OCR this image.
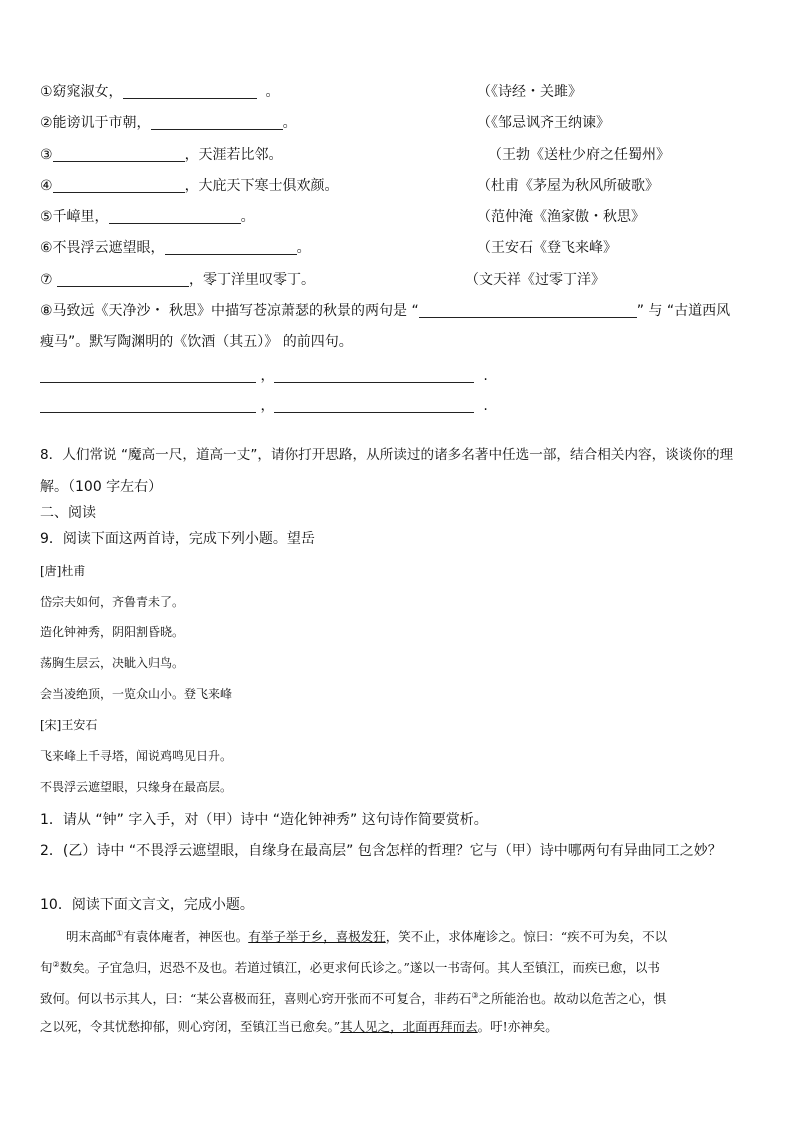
①窈窕淑女，	。	（《诗经・关雎》
②能谤讥于市朝，	。	（《邹忌讽齐王纳谏》
③	，天涯若比邻。	（王勃《送杜少府之任蜀州》
④	，大庇天下寒士俱欢颜。	（杜甫《茅屋为秋风所破歌》
⑤千嶂里，	。	（范仲淹《渔家傲・秋思》
⑥不畏浮云遮望眼，	。	（王安石《登飞来峰》
⑦	，零丁洋里叹零丁。	（文天祥《过零丁洋》
⑧马致远《天净沙・ 秋思》中描写苍凉萧瑟的秋景的两句是 “	” 与 “古道西风
瘦马”。默写陶渊明的《饮酒（其五）》 的前四句。
，	.
，	.
8．人们常说 “魔高一尺，道高一丈”，请你打开思路，从所读过的诸多名著中任选一部，结合相关内容，谈谈你的理
解。（100 字左右）
二、阅读
9．阅读下面这两首诗，完成下列小题。望岳
[唐]杜甫
岱宗夫如何，齐鲁青未了。
造化钟神秀，阴阳割昏晓。
荡胸生层云，决眦入归鸟。
会当凌绝顶，一览众山小。登飞来峰
[宋]王安石
飞来峰上千寻塔，闻说鸡鸣见日升。
不畏浮云遮望眼，只缘身在最高层。
1．请从 “钟” 字入手，对（甲）诗中 “造化钟神秀” 这句诗作简要赏析。
2．(乙）诗中 “不畏浮云遮望眼，自缘身在最高层” 包含怎样的哲理？它与（甲）诗中哪两句有异曲同工之妙？
10．阅读下面文言文，完成小题。
明末高邮①有袁体庵者，神医也。有举子举于乡，喜极发狂，笑不止，求体庵诊之。惊曰：“疾不可为矣，不以
旬②数矣。子宜急归，迟恐不及也。若道过镇江，必更求何氏诊之。”遂以一书寄何。其人至镇江，而疾已愈，以书
致何。何以书示其人，曰：“某公喜极而狂，喜则心窍开张而不可复合，非药石③之所能治也。故动以危苦之心，惧
之以死，令其忧愁抑郁，则心窍闭，至镇江当已愈矣。”其人见之，北面再拜而去。吁!亦神矣。
